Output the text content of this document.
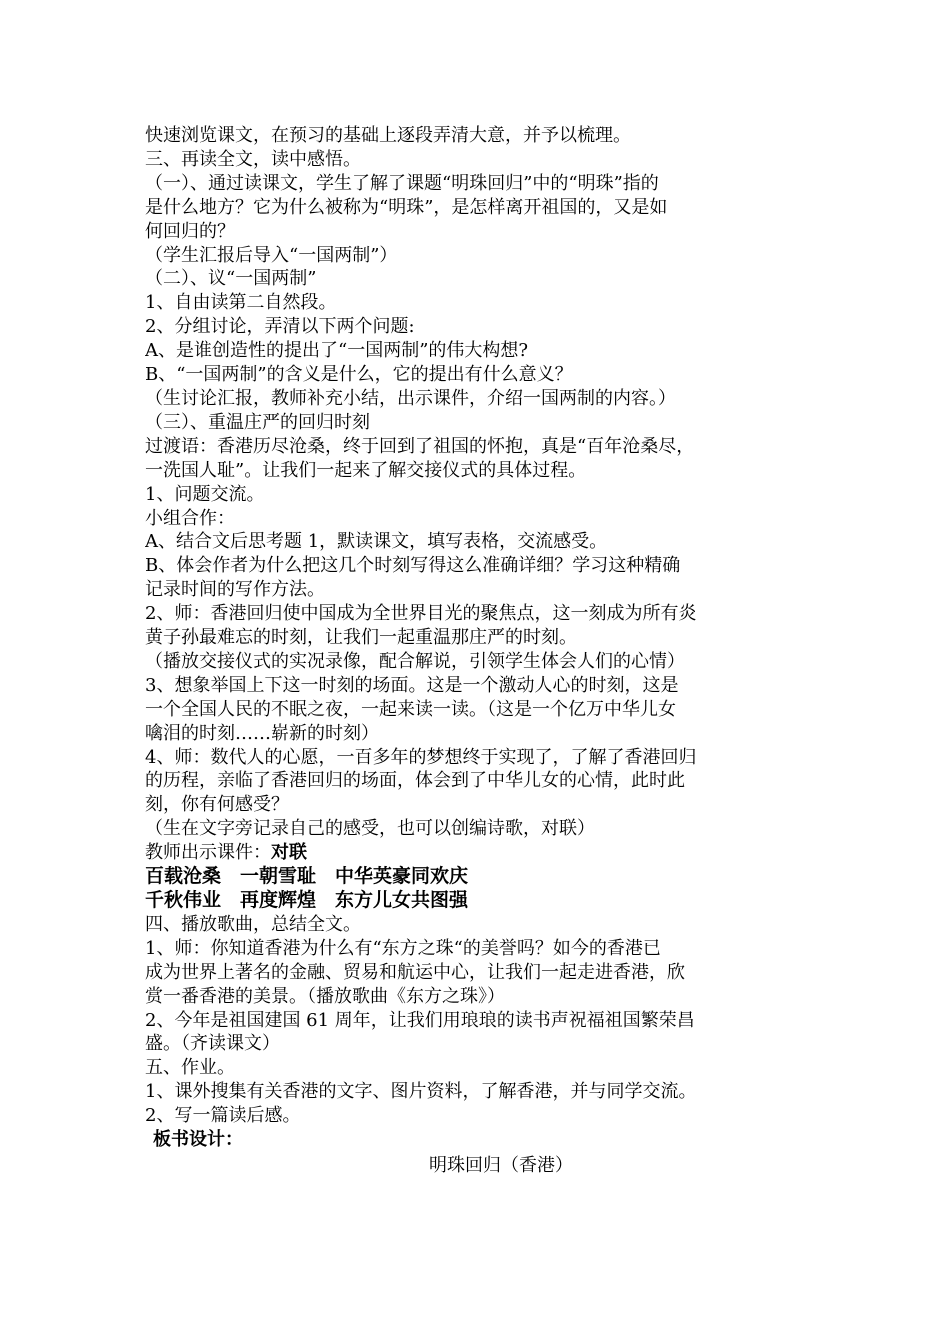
快速浏览课文，在预习的基础上逐段弄清大意，并予以梳理。

三、再读全文，读中感悟。

（一）、通过读课文，学生了解了课题“明珠回归”中的“明珠”指的

是什么地方？它为什么被称为“明珠”，是怎样离开祖国的，又是如

何回归的？

（学生汇报后导入“一国两制”）

（二）、议“一国两制”

1、自由读第二自然段。

2、分组讨论，弄清以下两个问题:

A、是谁创造性的提出了“一国两制”的伟大构想?

B、“一国两制”的含义是什么，它的提出有什么意义？

（生讨论汇报，教师补充小结，出示课件，介绍一国两制的内容。）

（三）、重温庄严的回归时刻

过渡语：香港历尽沧桑，终于回到了祖国的怀抱，真是“百年沧桑尽，

一洗国人耻”。让我们一起来了解交接仪式的具体过程。

1、问题交流。

小组合作：

A、结合文后思考题 1，默读课文，填写表格，交流感受。

B、体会作者为什么把这几个时刻写得这么准确详细？学习这种精确

记录时间的写作方法。

2、师：香港回归使中国成为全世界目光的聚焦点，这一刻成为所有炎

黄子孙最难忘的时刻，让我们一起重温那庄严的时刻。

（播放交接仪式的实况录像，配合解说，引领学生体会人们的心情）

3、想象举国上下这一时刻的场面。这是一个激动人心的时刻，这是

一个全国人民的不眠之夜，一起来读一读。（这是一个亿万中华儿女

噙泪的时刻……崭新的时刻）

4、师：数代人的心愿，一百多年的梦想终于实现了，了解了香港回归

的历程，亲临了香港回归的场面，体会到了中华儿女的心情，此时此

刻，你有何感受？

（生在文字旁记录自己的感受，也可以创编诗歌，对联）

教师出示课件：对联

百载沧桑　一朝雪耻　中华英豪同欢庆

千秋伟业　再度辉煌　东方儿女共图强

四、播放歌曲，总结全文。

1、师：你知道香港为什么有“东方之珠“的美誉吗？如今的香港已

成为世界上著名的金融、贸易和航运中心，让我们一起走进香港，欣

赏一番香港的美景。（播放歌曲《东方之珠》）

2、今年是祖国建国 61 周年，让我们用琅琅的读书声祝福祖国繁荣昌

盛。（齐读课文）

五、作业。

1、课外搜集有关香港的文字、图片资料，了解香港，并与同学交流。

2、写一篇读后感。

板书设计：

明珠回归（香港）
